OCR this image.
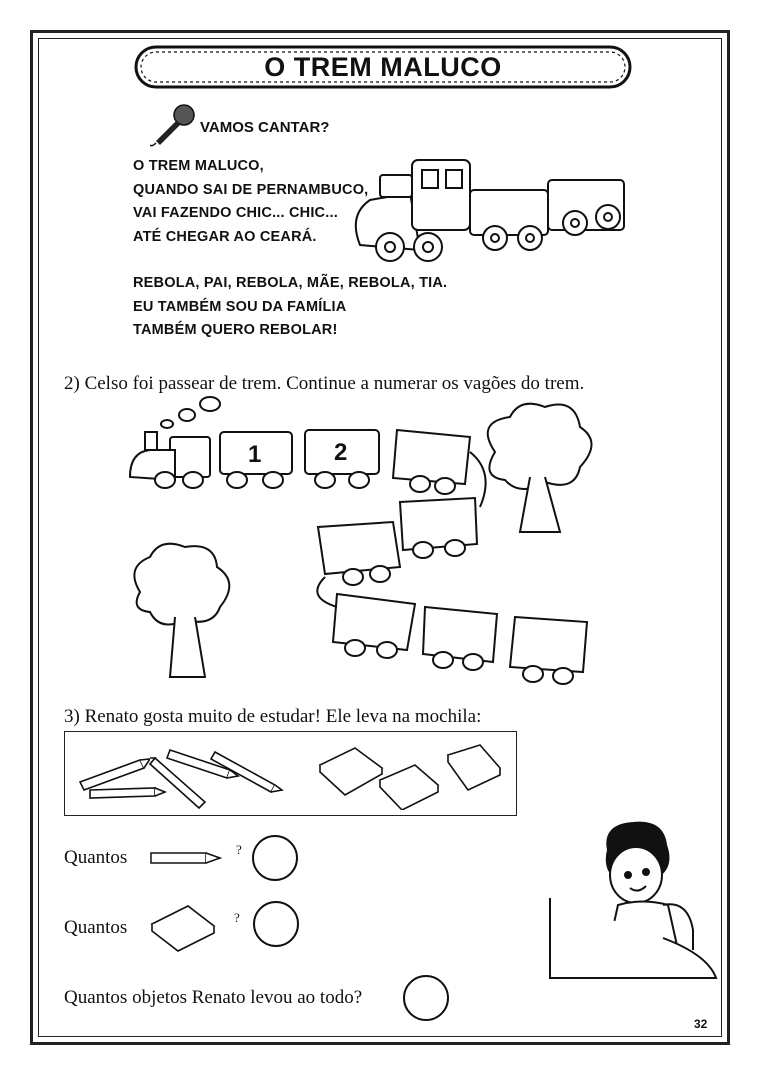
O TREM MALUCO
VAMOS CANTAR?
O TREM MALUCO,
QUANDO SAI DE PERNAMBUCO,
VAI FAZENDO CHIC... CHIC...
ATÉ CHEGAR AO CEARÁ.
REBOLA, PAI, REBOLA, MÃE, REBOLA, TIA.
EU TAMBÉM SOU DA FAMÍLIA
TAMBÉM QUERO REBOLAR!
2) Celso foi passear de trem. Continue a numerar os vagões do trem.
1	2
3) Renato gosta muito de estudar! Ele leva na mochila:
Quantos	?
Quantos	?
Quantos objetos Renato levou ao todo?
32
